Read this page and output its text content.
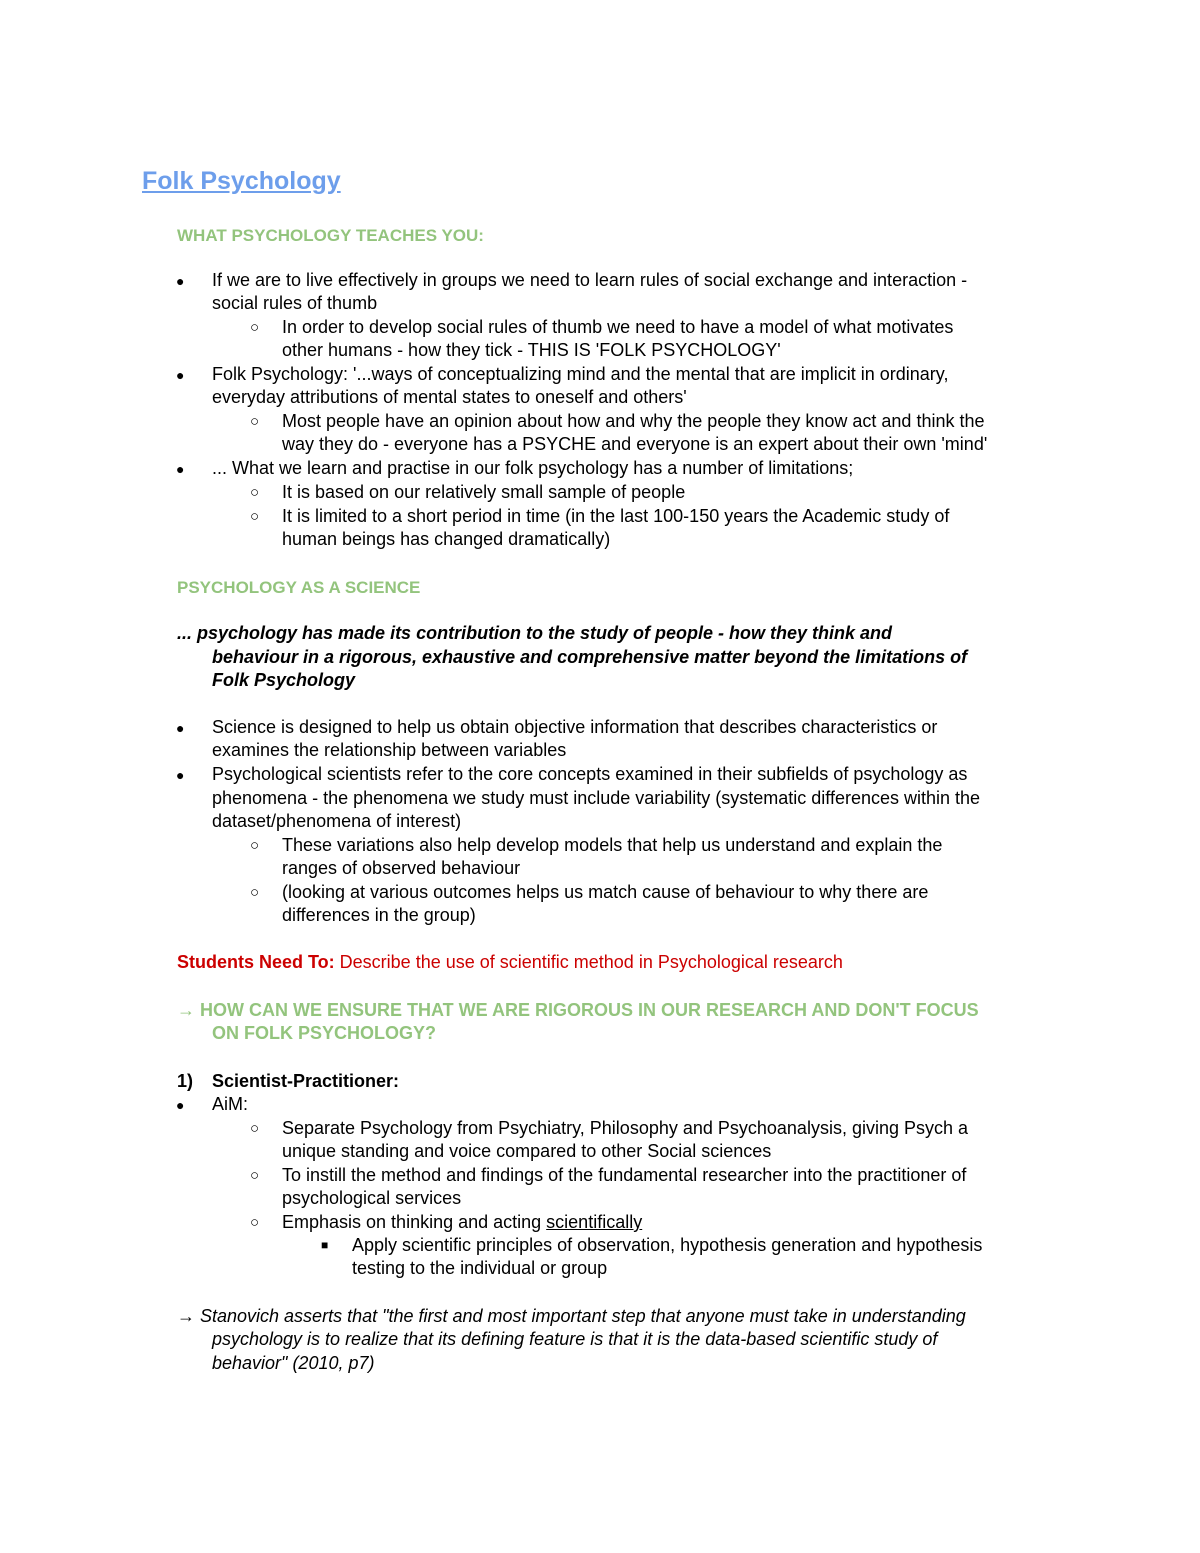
Folk Psychology
WHAT PSYCHOLOGY TEACHES YOU:
● If we are to live effectively in groups we need to learn rules of social exchange and interaction -
social rules of thumb
○ In order to develop social rules of thumb we need to have a model of what motivates
other humans - how they tick - THIS IS 'FOLK PSYCHOLOGY'
● Folk Psychology: '...ways of conceptualizing mind and the mental that are implicit in ordinary,
everyday attributions of mental states to oneself and others'
○ Most people have an opinion about how and why the people they know act and think the
way they do - everyone has a PSYCHE and everyone is an expert about their own 'mind'
● ... What we learn and practise in our folk psychology has a number of limitations;
○ It is based on our relatively small sample of people
○ It is limited to a short period in time (in the last 100-150 years the Academic study of
human beings has changed dramatically)
PSYCHOLOGY AS A SCIENCE
... psychology has made its contribution to the study of people - how they think and
behaviour in a rigorous, exhaustive and comprehensive matter beyond the limitations of
Folk Psychology
● Science is designed to help us obtain objective information that describes characteristics or
examines the relationship between variables
● Psychological scientists refer to the core concepts examined in their subfields of psychology as
phenomena - the phenomena we study must include variability (systematic differences within the
dataset/phenomena of interest)
○ These variations also help develop models that help us understand and explain the
ranges of observed behaviour
○ (looking at various outcomes helps us match cause of behaviour to why there are
differences in the group)
Students Need To: Describe the use of scientific method in Psychological research
→ HOW CAN WE ENSURE THAT WE ARE RIGOROUS IN OUR RESEARCH AND DON'T FOCUS
ON FOLK PSYCHOLOGY?
1) Scientist-Practitioner:
● AiM:
○ Separate Psychology from Psychiatry, Philosophy and Psychoanalysis, giving Psych a
unique standing and voice compared to other Social sciences
○ To instill the method and findings of the fundamental researcher into the practitioner of
psychological services
○ Emphasis on thinking and acting scientifically
■ Apply scientific principles of observation, hypothesis generation and hypothesis
testing to the individual or group
→ Stanovich asserts that "the first and most important step that anyone must take in understanding
psychology is to realize that its defining feature is that it is the data-based scientific study of
behavior" (2010, p7)
